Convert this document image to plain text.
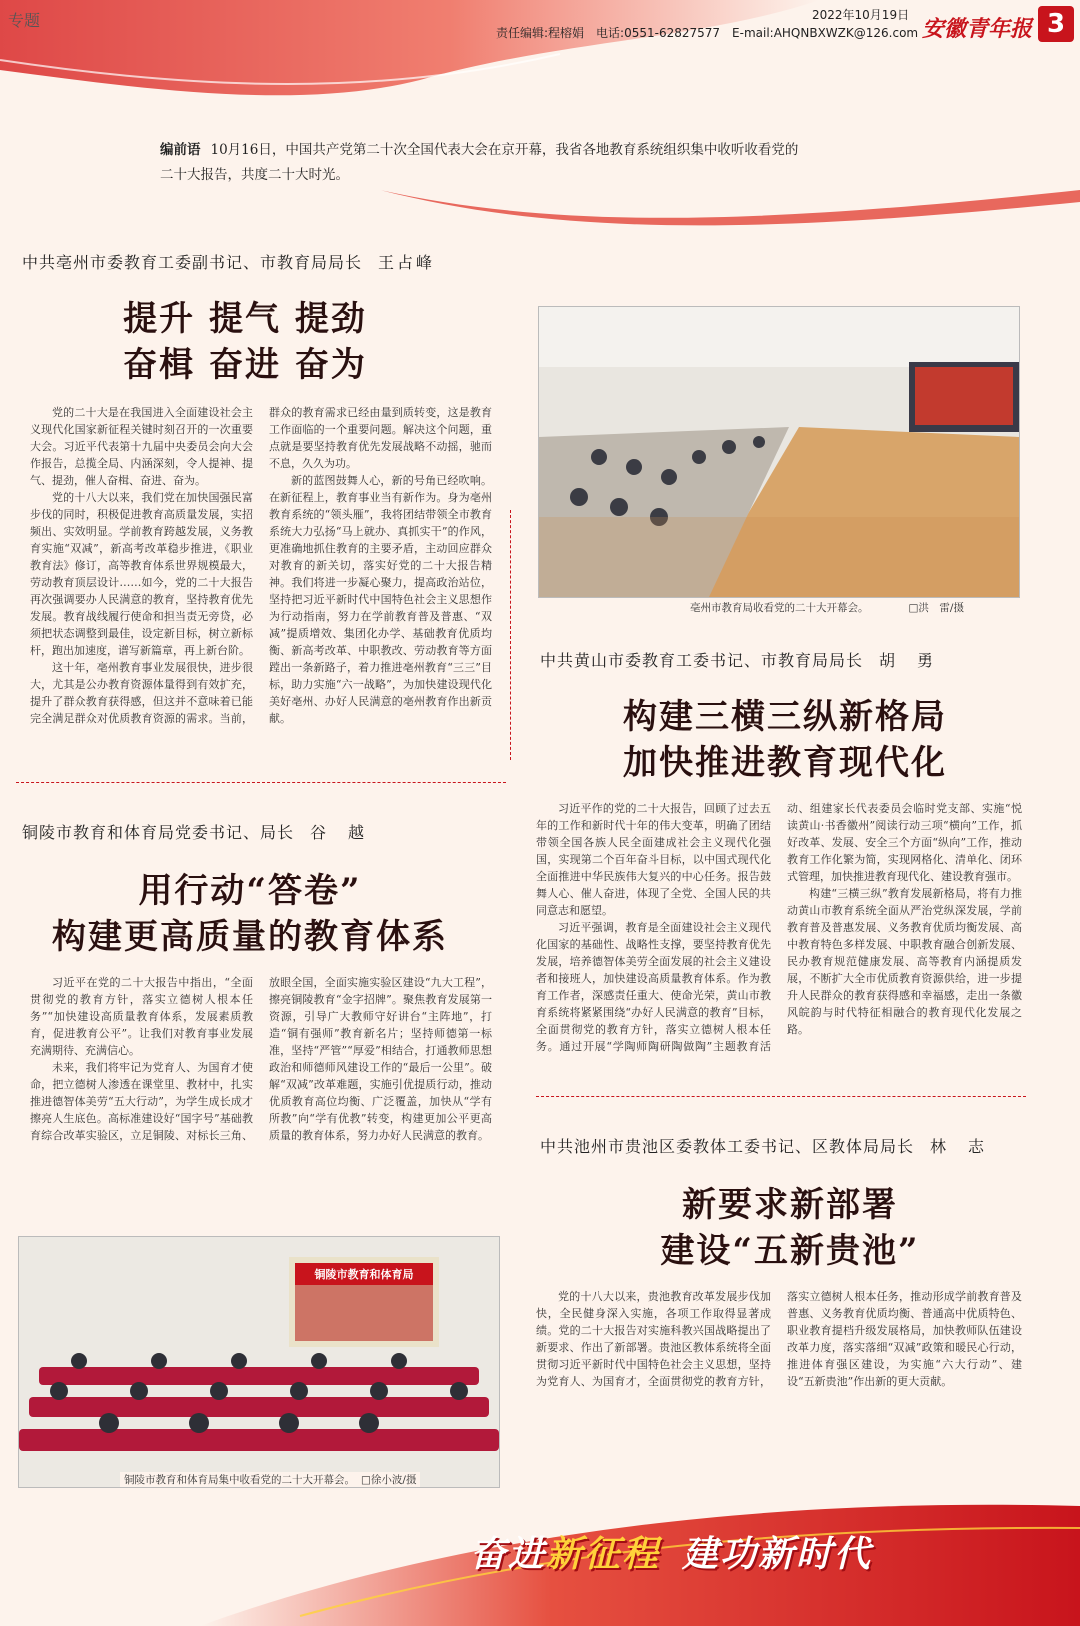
专题	2022年10月19日
责任编辑:程榕娟　电话:0551-62827577　E-mail:AHQNBXWZK@126.com 安徽青年报 3
编前语 10月16日，中国共产党第二十次全国代表大会在京开幕，我省各地教育系统组织集中收听收看党的二十大报告，共度二十大时光。
中共亳州市委教育工委副书记、市教育局局长 王占峰
提升 提气 提劲
奋楫 奋进 奋为

党的二十大是在我国进入全面建设社会主义现代化国家新征程关键时刻召开的一次重要大会。习近平代表第十九届中央委员会向大会作报告，总揽全局、内涵深刻，令人提神、提气、提劲，催人奋楫、奋进、奋为。

党的十八大以来，我们党在加快国强民富步伐的同时，积极促进教育高质量发展，实招频出、实效明显。学前教育跨越发展，义务教育实施“双减”，新高考改革稳步推进，《职业教育法》修订，高等教育体系世界规模最大，劳动教育顶层设计……如今，党的二十大报告再次强调要办人民满意的教育，坚持教育优先发展。教育战线履行使命和担当责无旁贷，必须把状态调整到最佳，设定新目标，树立新标杆，跑出加速度，谱写新篇章，再上新台阶。

这十年，亳州教育事业发展很快，进步很大，尤其是公办教育资源体量得到有效扩充，提升了群众教育获得感，但这并不意味着已能完全满足群众对优质教育资源的需求。当前，群众的教育需求已经由量到质转变，这是教育工作面临的一个重要问题。解决这个问题，重点就是要坚持教育优先发展战略不动摇，驰而不息，久久为功。

新的蓝图鼓舞人心，新的号角已经吹响。在新征程上，教育事业当有新作为。身为亳州教育系统的“领头雁”，我将团结带领全市教育系统大力弘扬“马上就办、真抓实干”的作风，更准确地抓住教育的主要矛盾，主动回应群众对教育的新关切，落实好党的二十大报告精神。我们将进一步凝心聚力，提高政治站位，坚持把习近平新时代中国特色社会主义思想作为行动指南，努力在学前教育普及普惠、“双减”提质增效、集团化办学、基础教育优质均衡、新高考改革、中职教改、劳动教育等方面蹚出一条新路子，着力推进亳州教育“三三”目标，助力实施“六一战略”，为加快建设现代化美好亳州、办好人民满意的亳州教育作出新贡献。

亳州市教育局收看党的二十大开幕会。	□洪　雷/摄
中共黄山市委教育工委书记、市教育局局长 胡　勇
构建三横三纵新格局
加快推进教育现代化

习近平作的党的二十大报告，回顾了过去五年的工作和新时代十年的伟大变革，明确了团结带领全国各族人民全面建成社会主义现代化强国，实现第二个百年奋斗目标，以中国式现代化全面推进中华民族伟大复兴的中心任务。报告鼓舞人心、催人奋进，体现了全党、全国人民的共同意志和愿望。

习近平强调，教育是全面建设社会主义现代化国家的基础性、战略性支撑，要坚持教育优先发展，培养德智体美劳全面发展的社会主义建设者和接班人，加快建设高质量教育体系。作为教育工作者，深感责任重大、使命光荣，黄山市教育系统将紧紧围绕“办好人民满意的教育”目标，全面贯彻党的教育方针，落实立德树人根本任务。通过开展“学陶师陶研陶做陶”主题教育活动、组建家长代表委员会临时党支部、实施“悦读黄山·书香徽州”阅读行动三项“横向”工作，抓好改革、发展、安全三个方面“纵向”工作，推动教育工作化繁为简，实现网格化、清单化、闭环式管理，加快推进教育现代化、建设教育强市。

构建“三横三纵”教育发展新格局，将有力推动黄山市教育系统全面从严治党纵深发展，学前教育普及普惠发展、义务教育优质均衡发展、高中教育特色多样发展、中职教育融合创新发展、民办教育规范健康发展、高等教育内涵提质发展，不断扩大全市优质教育资源供给，进一步提升人民群众的教育获得感和幸福感，走出一条徽风皖韵与时代特征相融合的教育现代化发展之路。

铜陵市教育和体育局党委书记、局长 谷　越
用行动“答卷”
构建更高质量的教育体系

习近平在党的二十大报告中指出，“全面贯彻党的教育方针，落实立德树人根本任务”“加快建设高质量教育体系，发展素质教育，促进教育公平”。让我们对教育事业发展充满期待、充满信心。

未来，我们将牢记为党育人、为国育才使命，把立德树人渗透在课堂里、教材中，扎实推进德智体美劳“五大行动”，为学生成长成才擦亮人生底色。高标准建设好“国字号”基础教育综合改革实验区，立足铜陵、对标长三角、放眼全国，全面实施实验区建设“九大工程”，擦亮铜陵教育“金字招牌”。聚焦教育发展第一资源，引导广大教师守好讲台“主阵地”，打造“铜有强师”教育新名片；坚持师德第一标准，坚持“严管”“厚爱”相结合，打通教师思想政治和师德师风建设工作的“最后一公里”。破解“双减”改革难题，实施引优提质行动，推动优质教育高位均衡、广泛覆盖，加快从“学有所教”向“学有优教”转变，构建更加公平更高质量的教育体系，努力办好人民满意的教育。

铜陵市教育和体育局
铜陵市教育和体育局集中收看党的二十大开幕会。 □徐小波/摄
中共池州市贵池区委教体工委书记、区教体局局长 林　志
新要求新部署
建设“五新贵池”

党的十八大以来，贵池教育改革发展步伐加快，全民健身深入实施，各项工作取得显著成绩。党的二十大报告对实施科教兴国战略提出了新要求、作出了新部署。贵池区教体系统将全面贯彻习近平新时代中国特色社会主义思想，坚持为党育人、为国育才，全面贯彻党的教育方针，落实立德树人根本任务，推动形成学前教育普及普惠、义务教育优质均衡、普通高中优质特色、职业教育提档升级发展格局，加快教师队伍建设改革力度，落实落细“双减”政策和暖民心行动，推进体育强区建设，为实施“六大行动”、建设“五新贵池”作出新的更大贡献。

奋进新征程 建功新时代
